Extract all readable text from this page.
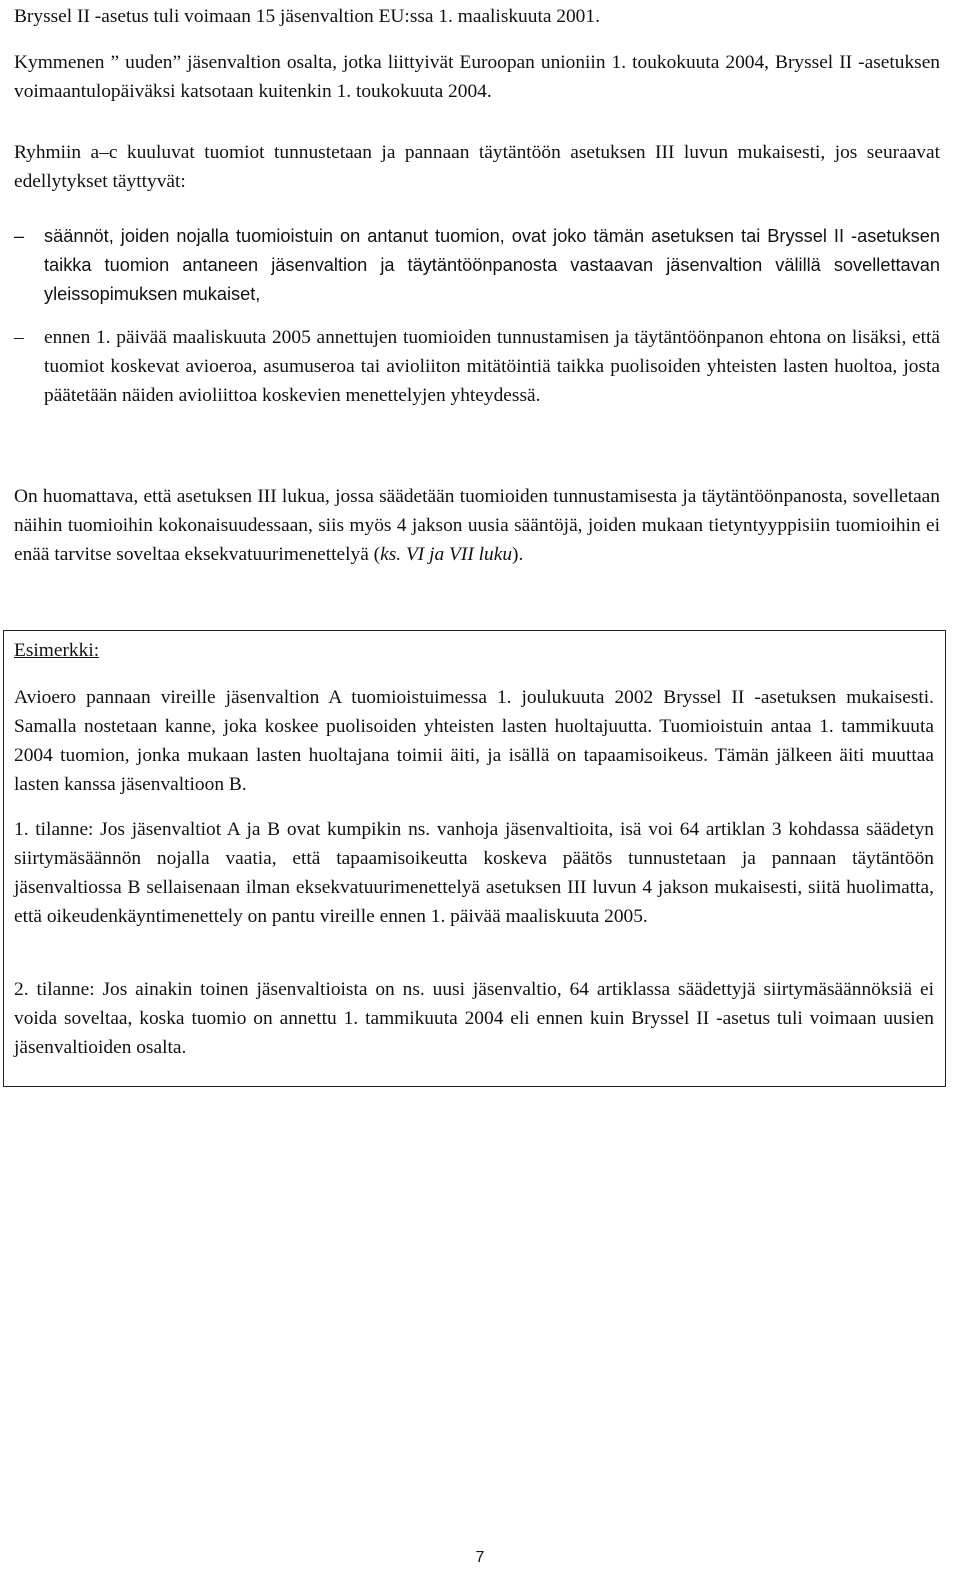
Bryssel II -asetus tuli voimaan 15 jäsenvaltion EU:ssa 1. maaliskuuta 2001.

Kymmenen ” uuden” jäsenvaltion osalta, jotka liittyivät Euroopan unioniin 1. toukokuuta 2004, Bryssel II -asetuksen voimaantulopäiväksi katsotaan kuitenkin 1. toukokuuta 2004.

Ryhmiin a–c kuuluvat tuomiot tunnustetaan ja pannaan täytäntöön asetuksen III luvun mukaisesti, jos seuraavat edellytykset täyttyvät:

– säännöt, joiden nojalla tuomioistuin on antanut tuomion, ovat joko tämän asetuksen tai Bryssel II -asetuksen taikka tuomion antaneen jäsenvaltion ja täytäntöönpanosta vastaavan jäsenvaltion välillä sovellettavan yleissopimuksen mukaiset,
– ennen 1. päivää maaliskuuta 2005 annettujen tuomioiden tunnustamisen ja täytäntöönpanon ehtona on lisäksi, että tuomiot koskevat avioeroa, asumuseroa tai avioliiton mitätöintiä taikka puolisoiden yhteisten lasten huoltoa, josta päätetään näiden avioliittoa koskevien menettelyjen yhteydessä.

On huomattava, että asetuksen III lukua, jossa säädetään tuomioiden tunnustamisesta ja täytäntöönpanosta, sovelletaan näihin tuomioihin kokonaisuudessaan, siis myös 4 jakson uusia sääntöjä, joiden mukaan tietyntyyppisiin tuomioihin ei enää tarvitse soveltaa eksekvatuurimenettelyä (ks. VI ja VII luku).

Esimerkki:

Avioero pannaan vireille jäsenvaltion A tuomioistuimessa 1. joulukuuta 2002 Bryssel II -asetuksen mukaisesti. Samalla nostetaan kanne, joka koskee puolisoiden yhteisten lasten huoltajuutta. Tuomioistuin antaa 1. tammikuuta 2004 tuomion, jonka mukaan lasten huoltajana toimii äiti, ja isällä on tapaamisoikeus. Tämän jälkeen äiti muuttaa lasten kanssa jäsenvaltioon B.

1. tilanne: Jos jäsenvaltiot A ja B ovat kumpikin ns. vanhoja jäsenvaltioita, isä voi 64 artiklan 3 kohdassa säädetyn siirtymäsäännön nojalla vaatia, että tapaamisoikeutta koskeva päätös tunnustetaan ja pannaan täytäntöön jäsenvaltiossa B sellaisenaan ilman eksekvatuurimenettelyä asetuksen III luvun 4 jakson mukaisesti, siitä huolimatta, että oikeudenkäyntimenettely on pantu vireille ennen 1. päivää maaliskuuta 2005.

2. tilanne: Jos ainakin toinen jäsenvaltioista on ns. uusi jäsenvaltio, 64 artiklassa säädettyjä siirtymäsäännöksiä ei voida soveltaa, koska tuomio on annettu 1. tammikuuta 2004 eli ennen kuin Bryssel II -asetus tuli voimaan uusien jäsenvaltioiden osalta.

7
